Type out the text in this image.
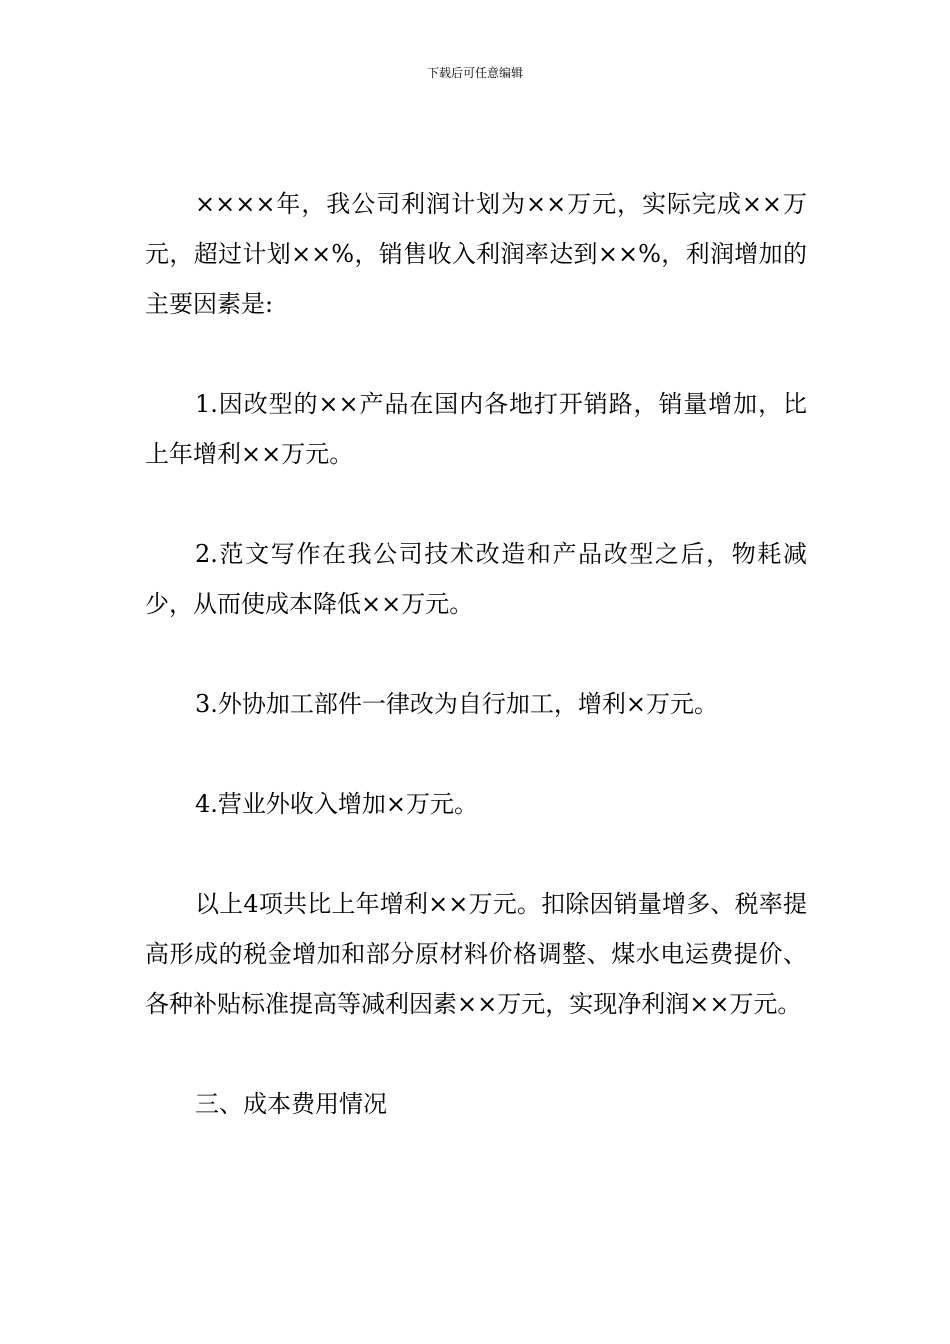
下载后可任意编辑

××××年，我公司利润计划为××万元，实际完成××万元，超过计划××%，销售收入利润率达到××%，利润增加的主要因素是:

1.因改型的××产品在国内各地打开销路，销量增加，比上年增利××万元。

2.范文写作在我公司技术改造和产品改型之后，物耗减少，从而使成本降低××万元。

3.外协加工部件一律改为自行加工，增利×万元。

4.营业外收入增加×万元。

以上4项共比上年增利××万元。扣除因销量增多、税率提高形成的税金增加和部分原材料价格调整、煤水电运费提价、各种补贴标准提高等减利因素××万元，实现净利润××万元。

三、成本费用情况
